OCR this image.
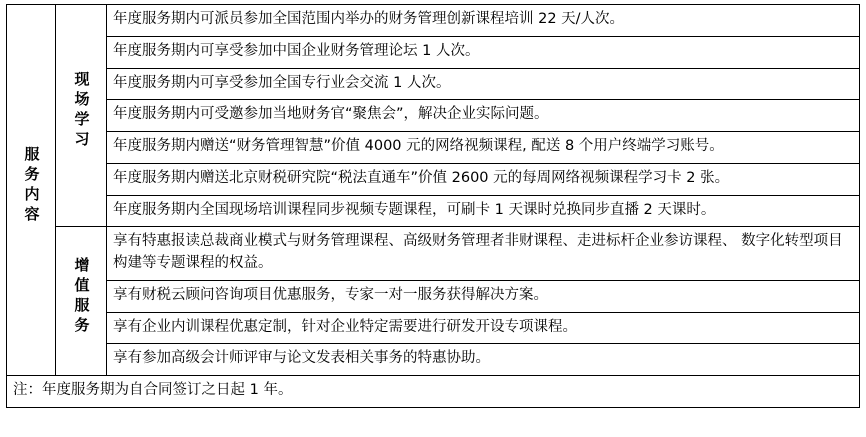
服务内容	现场学习	年度服务期内可派员参加全国范围内举办的财务管理创新课程培训 22 天/人次。
		年度服务期内可享受参加中国企业财务管理论坛 1 人次。
		年度服务期内可享受参加全国专行业会交流 1 人次。
		年度服务期内可受邀参加当地财务官“聚焦会”，解决企业实际问题。
		年度服务期内赠送“财务管理智慧”价值 4000 元的网络视频课程, 配送 8 个用户终端学习账号。
		年度服务期内赠送北京财税研究院“税法直通车”价值 2600 元的每周网络视频课程学习卡 2 张。
		年度服务期内全国现场培训课程同步视频专题课程，可刷卡 1 天课时兑换同步直播 2 天课时。
	增值服务	享有特惠报读总裁商业模式与财务管理课程、高级财务管理者非财课程、走进标杆企业参访课程、 数字化转型项目构建等专题课程的权益。
		享有财税云顾问咨询项目优惠服务，专家一对一服务获得解决方案。
		享有企业内训课程优惠定制，针对企业特定需要进行研发开设专项课程。
		享有参加高级会计师评审与论文发表相关事务的特惠协助。
注：年度服务期为自合同签订之日起 1 年。		
